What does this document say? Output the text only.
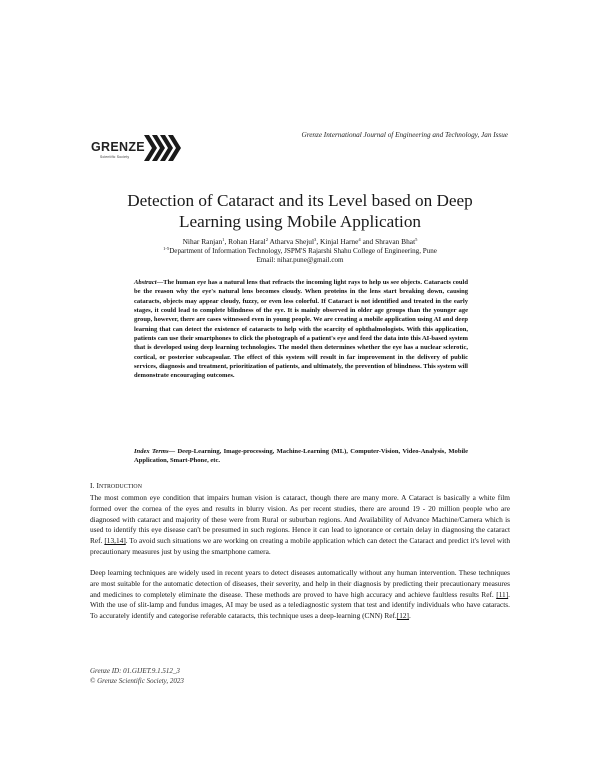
Grenze International Journal of Engineering and Technology, Jan Issue
GRENZE
Scientific Society
Detection of Cataract and its Level based on Deep
Learning using Mobile Application
Nihar Ranjan$^1$, Rohan Haral$^2$ Atharva Shejul$^3$, Kinjal Harne$^4$ and Shravan Bhat$^5$
$^{1-5}$Department of Information Technology, JSPM'S Rajarshi Shahu College of Engineering, Pune
Email: nihar.pune@gmail.com

Abstract—The human eye has a natural lens that refracts the incoming light rays to help us see objects. Cataracts could be the reason why the eye's natural lens becomes cloudy. When proteins in the lens start breaking down, causing cataracts, objects may appear cloudy, fuzzy, or even less colorful. If Cataract is not identified and treated in the early stages, it could lead to complete blindness of the eye. It is mainly observed in older age groups than the younger age group, however, there are cases witnessed even in young people. We are creating a mobile application using AI and deep learning that can detect the existence of cataracts to help with the scarcity of ophthalmologists. With this application, patients can use their smartphones to click the photograph of a patient's eye and feed the data into this AI-based system that is developed using deep learning technologies. The model then determines whether the eye has a nuclear sclerotic, cortical, or posterior subcapsular. The effect of this system will result in far improvement in the delivery of public services, diagnosis and treatment, prioritization of patients, and ultimately, the prevention of blindness. This system will demonstrate encouraging outcomes.

Index Terms— Deep-Learning, Image-processing, Machine-Learning (ML), Computer-Vision, Video-Analysis, Mobile Application, Smart-Phone, etc.

I. INTRODUCTION

The most common eye condition that impairs human vision is cataract, though there are many more. A Cataract is basically a white film formed over the cornea of the eyes and results in blurry vision. As per recent studies, there are around 19 - 20 million people who are diagnosed with cataract and majority of these were from Rural or suburban regions. And Availability of Advance Machine/Camera which is used to identify this eye disease can't be presumed in such regions. Hence it can lead to ignorance or certain delay in diagnosing the cataract Ref. [13,14]. To avoid such situations we are working on creating a mobile application which can detect the Cataract and predict it's level with precautionary measures just by using the smartphone camera.

Deep learning techniques are widely used in recent years to detect diseases automatically without any human intervention. These techniques are most suitable for the automatic detection of diseases, their severity, and help in their diagnosis by predicting their precautionary measures and medicines to completely eliminate the disease. These methods are proved to have high accuracy and achieve faultless results Ref. [11]. With the use of slit-lamp and fundus images, AI may be used as a telediagnostic system that test and identify individuals who have cataracts. To accurately identify and categorise referable cataracts, this technique uses a deep-learning (CNN) Ref.[12].

Grenze ID: 01.GIJET.9.1.512_3
© Grenze Scientific Society, 2023
